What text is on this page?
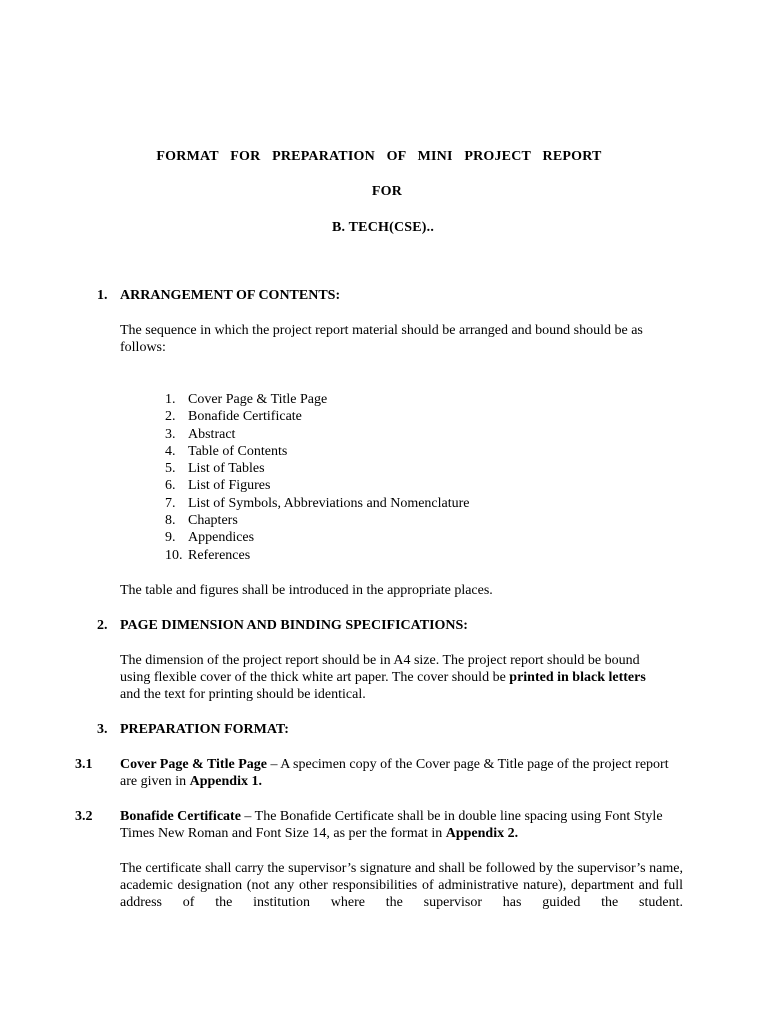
FORMAT FOR PREPARATION OF MINI PROJECT REPORT
FOR
B. TECH(CSE)..
1. ARRANGEMENT OF CONTENTS:
The sequence in which the project report material should be arranged and bound should be as follows:
1. Cover Page & Title Page
2. Bonafide Certificate
3. Abstract
4. Table of Contents
5. List of Tables
6. List of Figures
7. List of Symbols, Abbreviations and Nomenclature
8. Chapters
9. Appendices
10. References
The table and figures shall be introduced in the appropriate places.
2. PAGE DIMENSION AND BINDING SPECIFICATIONS:
The dimension of the project report should be in A4 size. The project report should be bound using flexible cover of the thick white art paper. The cover should be printed in black letters and the text for printing should be identical.
3. PREPARATION FORMAT:
3.1 Cover Page & Title Page – A specimen copy of the Cover page & Title page of the project report are given in Appendix 1.
3.2 Bonafide Certificate – The Bonafide Certificate shall be in double line spacing using Font Style Times New Roman and Font Size 14, as per the format in Appendix 2.
The certificate shall carry the supervisor’s signature and shall be followed by the supervisor’s name, academic designation (not any other responsibilities of administrative nature), department and full address of the institution where the supervisor has guided the student.
